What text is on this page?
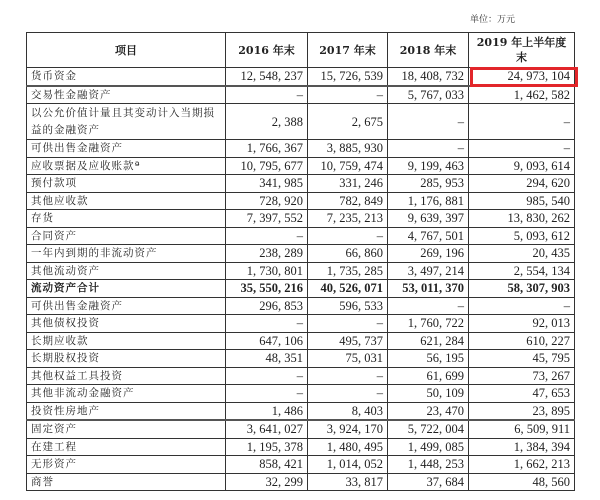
单位：万元
项目	2016 年末	2017 年末	2018 年末	2019 年上半年度末
货币资金	12, 548, 237	15, 726, 539	18, 408, 732	24, 973, 104
交易性金融资产	–	–	5, 767, 033	1, 462, 582
以公允价值计量且其变动计入当期损益的金融资产	2, 388	2, 675	–	–
可供出售金融资产	1, 766, 367	3, 885, 930	–	–
应收票据及应收账款ª	10, 795, 677	10, 759, 474	9, 199, 463	9, 093, 614
预付款项	341, 985	331, 246	285, 953	294, 620
其他应收款	728, 920	782, 849	1, 176, 881	985, 540
存货	7, 397, 552	7, 235, 213	9, 639, 397	13, 830, 262
合同资产	–	–	4, 767, 501	5, 093, 612
一年内到期的非流动资产	238, 289	66, 860	269, 196	20, 435
其他流动资产	1, 730, 801	1, 735, 285	3, 497, 214	2, 554, 134
流动资产合计	35, 550, 216	40, 526, 071	53, 011, 370	58, 307, 903
可供出售金融资产	296, 853	596, 533	–	–
其他债权投资	–	–	1, 760, 722	92, 013
长期应收款	647, 106	495, 737	621, 284	610, 227
长期股权投资	48, 351	75, 031	56, 195	45, 795
其他权益工具投资	–	–	61, 699	73, 267
其他非流动金融资产	–	–	50, 109	47, 653
投资性房地产	1, 486	8, 403	23, 470	23, 895
固定资产	3, 641, 027	3, 924, 170	5, 722, 004	6, 509, 911
在建工程	1, 195, 378	1, 480, 495	1, 499, 085	1, 384, 394
无形资产	858, 421	1, 014, 052	1, 448, 253	1, 662, 213
商誉	32, 299	33, 817	37, 684	48, 560
